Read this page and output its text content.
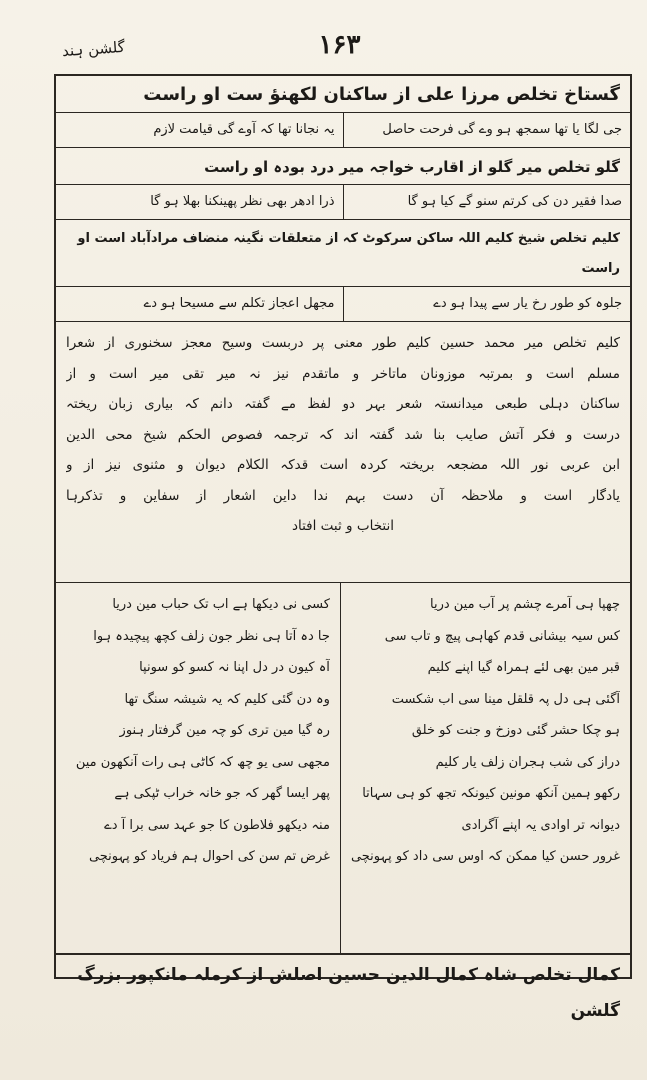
گلشن ہند	۱۶۳
گستاخ تخلص مرزا علی از ساکنان لکھنؤ ست او راست
جی لگا یا تھا سمجھ ہو وے گی فرحت حاصل
یہ نجانا تھا کہ آوے گی قیامت لازم
گلو تخلص میر گلو از اقارب خواجہ میر درد بودہ او راست
صدا فقیر دن کی کرتم سنو گے کیا ہو گا
ذرا ادھر بھی نظر پھینکنا بھلا ہو گا
کلیم تخلص شیخ کلیم اللہ ساکن سرکوٹ کہ از متعلقات نگینہ منضاف مرادآباد است او راست
جلوہ کو طور رخ یار سے پیدا ہو دے
مجھل اعجاز تکلم سے مسیحا ہو دے
کلیم تخلص میر محمد حسین کلیم طور معنی پر دربست وسیح معجز سخنوری از شعرا
مسلم است و بمرتبہ موزونان ماتاخر و ماتقدم نیز نہ میر تقی میر است و از
ساکنان دہلی طبعی میدانستہ شعر بہر دو لفظ مے گفتہ دانم کہ بیاری زبان ریختہ
درست و فکر آتش صایب بنا شد گفتہ اند کہ ترجمہ فصوص الحکم شیخ محی الدین
ابن عربی نور اللہ مضجعہ بریختہ کردہ است قدکہ الکلام دیوان و مثنوی نیز از و
یادگار است و ملاحظہ آن دست بہم ندا داین اشعار از سفاین و تذکرہا
انتخاب و ثبت افتاد
چھپا ہی آمرے چشم پر آب مین دریا
کس سیہ بیشانی قدم کھاہی پیچ و تاب سی
قبر مین بھی لئے ہمراہ گیا اپنے کلیم
آگئی ہی دل پہ قلقل مینا سی اب شکست
ہو چکا حشر گئی دوزخ و جنت کو خلق
دراز کی شب ہجران زلف یار کلیم
رکھو ہمین آنکھ مونین کیونکہ تجھ کو ہی سہاتا
دیوانہ تر اوادی یہ اپنے آگرادی
غرور حسن کیا ممکن کہ اوس سی داد کو پہونچی
کسی نی دیکھا ہے اب تک حباب مین دریا
جا دہ آتا ہی نظر جون زلف کچھ پیچیدہ ہوا
آہ کیون در دل اپنا نہ کسو کو سونپا
وہ دن گئی کلیم کہ یہ شیشہ سنگ تھا
رہ گیا مین تری کو چہ مین گرفتار ہنوز
مجھی سی یو چھ کہ کاٹی ہی رات آنکھون مین
پھر ایسا گھر کہ جو خانہ خراب ٹپکی ہے
منہ دیکھو فلاطون کا جو عہد سی برا آ دے
غرض تم سن کی احوال ہم فریاد کو پہونچی
کمال تخلص شاہ کمال الدین حسین اصلش از کرملہ مانکپور بزرگ گلشن
